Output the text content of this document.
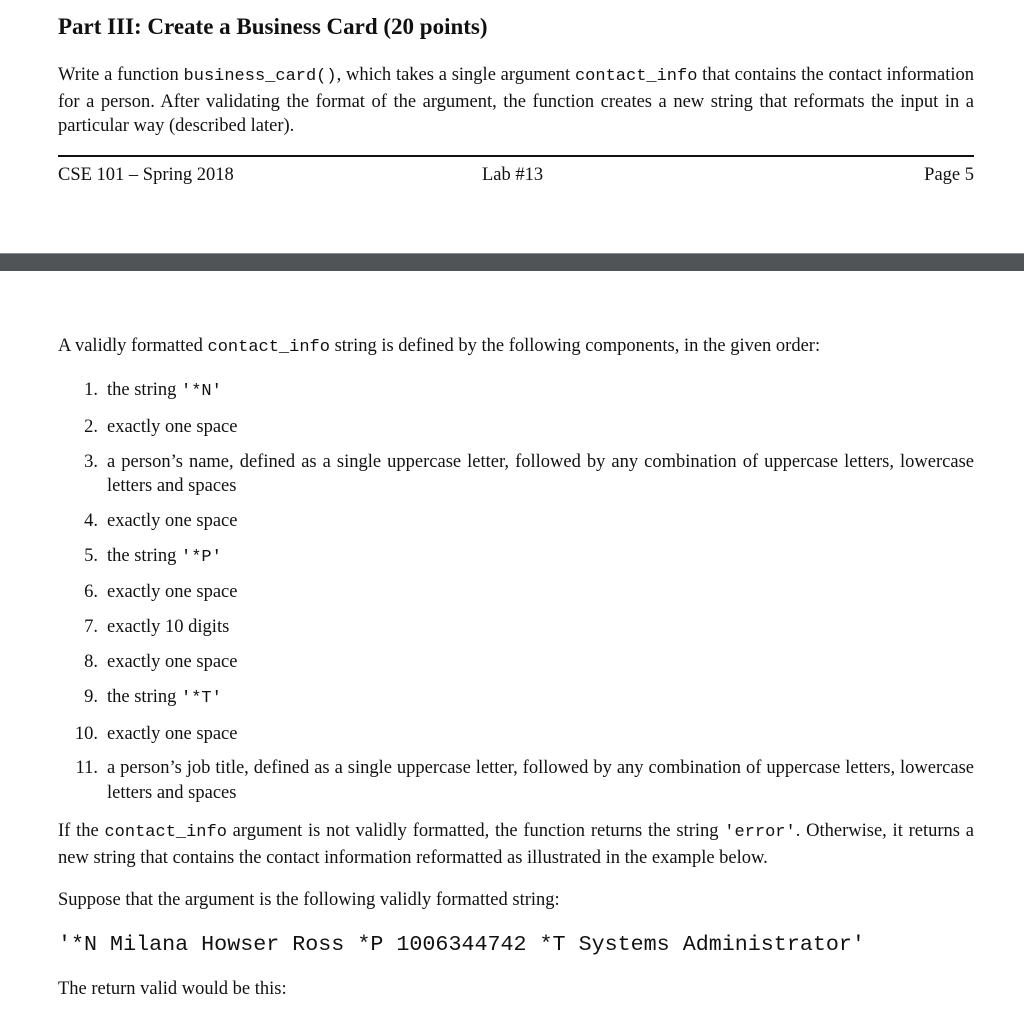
Part III: Create a Business Card (20 points)

Write a function business_card(), which takes a single argument contact_info that contains the contact information for a person. After validating the format of the argument, the function creates a new string that reformats the input in a particular way (described later).

CSE 101 – Spring 2018	Lab #13	Page 5

A validly formatted contact_info string is defined by the following components, in the given order:

1. the string '*N'
2. exactly one space
3. a person’s name, defined as a single uppercase letter, followed by any combination of uppercase letters, lowercase letters and spaces
4. exactly one space
5. the string '*P'
6. exactly one space
7. exactly 10 digits
8. exactly one space
9. the string '*T'
10. exactly one space
11. a person’s job title, defined as a single uppercase letter, followed by any combination of uppercase letters, lowercase letters and spaces

If the contact_info argument is not validly formatted, the function returns the string 'error'. Otherwise, it returns a new string that contains the contact information reformatted as illustrated in the example below.

Suppose that the argument is the following validly formatted string:

'*N Milana Howser Ross *P 1006344742 *T Systems Administrator'

The return valid would be this:
